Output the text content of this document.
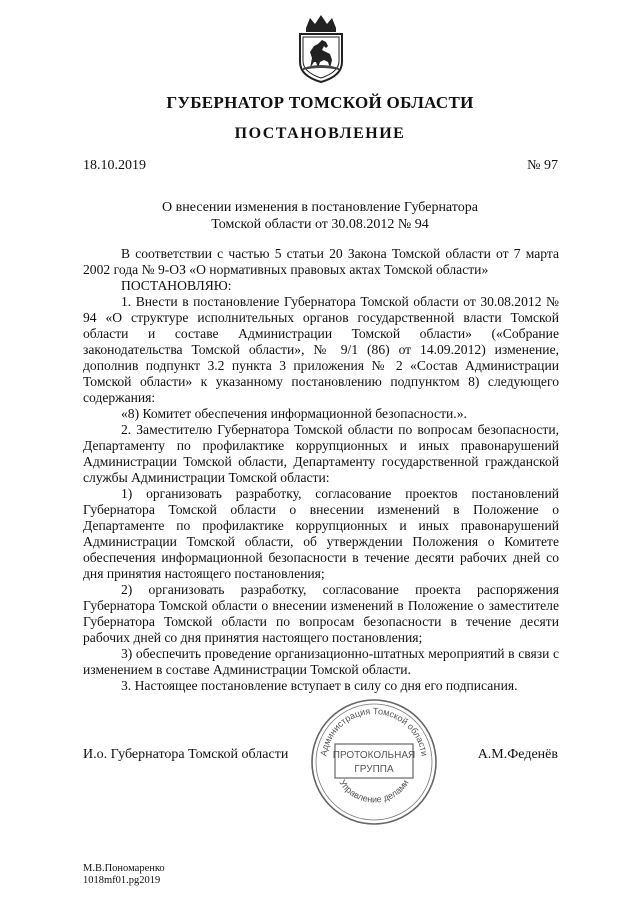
ГУБЕРНАТОР ТОМСКОЙ ОБЛАСТИ
ПОСТАНОВЛЕНИЕ
18.10.2019	№ 97
О внесении изменения в постановление Губернатора
Томской области от 30.08.2012 № 94

В соответствии с частью 5 статьи 20 Закона Томской области от 7 марта 2002 года № 9-ОЗ «О нормативных правовых актах Томской области»

ПОСТАНОВЛЯЮ:

1. Внести в постановление Губернатора Томской области от 30.08.2012 № 94 «О структуре исполнительных органов государственной власти Томской области и составе Администрации Томской области» («Собрание законодательства Томской области», № 9/1 (86) от 14.09.2012) изменение, дополнив подпункт 3.2 пункта 3 приложения № 2 «Состав Администрации Томской области» к указанному постановлению подпунктом 8) следующего содержания:

«8) Комитет обеспечения информационной безопасности.».

2. Заместителю Губернатора Томской области по вопросам безопасности, Департаменту по профилактике коррупционных и иных правонарушений Администрации Томской области, Департаменту государственной гражданской службы Администрации Томской области:

1) организовать разработку, согласование проектов постановлений Губернатора Томской области о внесении изменений в Положение о Департаменте по профилактике коррупционных и иных правонарушений Администрации Томской области, об утверждении Положения о Комитете обеспечения информационной безопасности в течение десяти рабочих дней со дня принятия настоящего постановления;

2) организовать разработку, согласование проекта распоряжения Губернатора Томской области о внесении изменений в Положение о заместителе Губернатора Томской области по вопросам безопасности в течение десяти рабочих дней со дня принятия настоящего постановления;

3) обеспечить проведение организационно-штатных мероприятий в связи с изменением в составе Администрации Томской области.

3. Настоящее постановление вступает в силу со дня его подписания.

И.о. Губернатора Томской области	А.М.Феденёв
Администрация Томской области
Управление делами
ПРОТОКОЛЬНАЯ
ГРУППА
М.В.Пономаренко
1018mf01.pg2019
